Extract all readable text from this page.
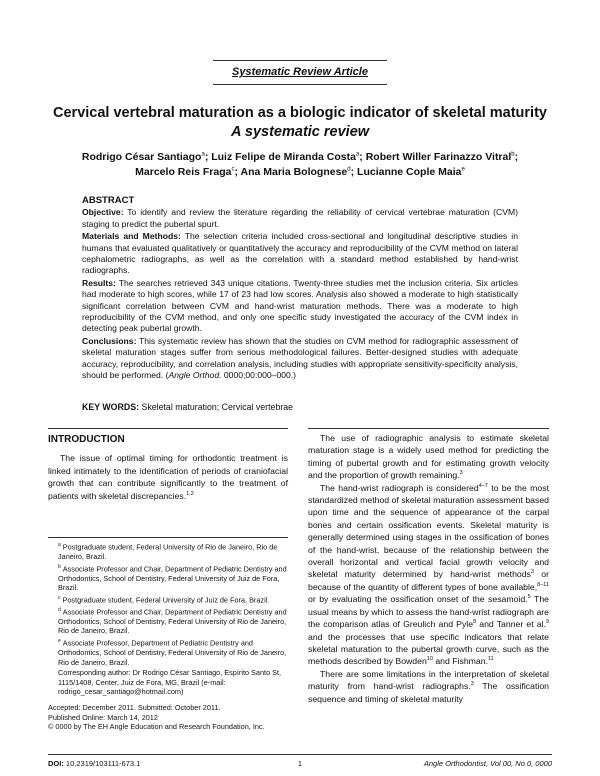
Systematic Review Article
Cervical vertebral maturation as a biologic indicator of skeletal maturity
A systematic review
Rodrigo César Santiago$^a$; Luiz Felipe de Miranda Costa$^a$; Robert Willer Farinazzo Vitral$^b$;
Marcelo Reis Fraga$^c$; Ana Maria Bolognese$^d$; Lucianne Cople Maia$^e$
ABSTRACT

Objective: To identify and review the literature regarding the reliability of cervical vertebrae maturation (CVM) staging to predict the pubertal spurt.

Materials and Methods: The selection criteria included cross-sectional and longitudinal descriptive studies in humans that evaluated qualitatively or quantitatively the accuracy and reproducibility of the CVM method on lateral cephalometric radiographs, as well as the correlation with a standard method established by hand-wrist radiographs.

Results: The searches retrieved 343 unique citations. Twenty-three studies met the inclusion criteria. Six articles had moderate to high scores, while 17 of 23 had low scores. Analysis also showed a moderate to high statistically significant correlation between CVM and hand-wrist maturation methods. There was a moderate to high reproducibility of the CVM method, and only one specific study investigated the accuracy of the CVM index in detecting peak pubertal growth.

Conclusions: This systematic review has shown that the studies on CVM method for radiographic assessment of skeletal maturation stages suffer from serious methodological failures. Better-designed studies with adequate accuracy, reproducibility, and correlation analysis, including studies with appropriate sensitivity-specificity analysis, should be performed. (Angle Orthod. 0000;00:000–000.)

KEY WORDS: Skeletal maturation; Cervical vertebrae
INTRODUCTION

The issue of optimal timing for orthodontic treatment is linked intimately to the identification of periods of craniofacial growth that can contribute significantly to the treatment of patients with skeletal discrepancies.$^{1,2}$

$^a$ Postgraduate student, Federal University of Rio de Janeiro, Rio de Janeiro, Brazil.

$^b$ Associate Professor and Chair, Department of Pediatric Dentistry and Orthodontics, School of Dentistry, Federal University of Juiz de Fora, Brazil.

$^c$ Postgraduate student, Federal University of Juiz de Fora, Brazil.

$^d$ Associate Professor and Chair, Department of Pediatric Dentistry and Orthodontics, School of Dentistry, Federal University of Rio de Janeiro, Rio de Janeiro, Brazil.

$^e$ Associate Professor, Department of Pediatric Dentistry and Orthodontics, School of Dentistry, Federal University of Rio de Janeiro, Rio de Janeiro, Brazil.

Corresponding author: Dr Rodrigo César Santiago, Espírito Santo St, 1115/1408, Center, Juiz de Fora, MG, Brazil (e-mail: rodrigo_cesar_santiago@hotmail.com)

Accepted: December 2011. Submitted: October 2011.

Published Online: March 14, 2012

© 0000 by The EH Angle Education and Research Foundation, Inc.

The use of radiographic analysis to estimate skeletal maturation stage is a widely used method for predicting the timing of pubertal growth and for estimating growth velocity and the proportion of growth remaining.$^3$

The hand-wrist radiograph is considered$^{4-7}$ to be the most standardized method of skeletal maturation assessment based upon time and the sequence of appearance of the carpal bones and certain ossification events. Skeletal maturity is generally determined using stages in the ossification of bones of the hand-wrist, because of the relationship between the overall horizontal and vertical facial growth velocity and skeletal maturity determined by hand-wrist methods$^3$ or because of the quantity of different types of bone available,$^{8-11}$ or by evaluating the ossification onset of the sesamoid.$^5$ The usual means by which to assess the hand-wrist radiograph are the comparison atlas of Greulich and Pyle$^8$ and Tanner et al.$^9$ and the processes that use specific indicators that relate skeletal maturation to the pubertal growth curve, such as the methods described by Bowden$^{10}$ and Fishman.$^{11}$

There are some limitations in the interpretation of skeletal maturity from hand-wrist radiographs.$^3$ The ossification sequence and timing of skeletal maturity

DOI: 10.2319/103111-673.1	1	Angle Orthodontist, Vol 00, No 0, 0000
